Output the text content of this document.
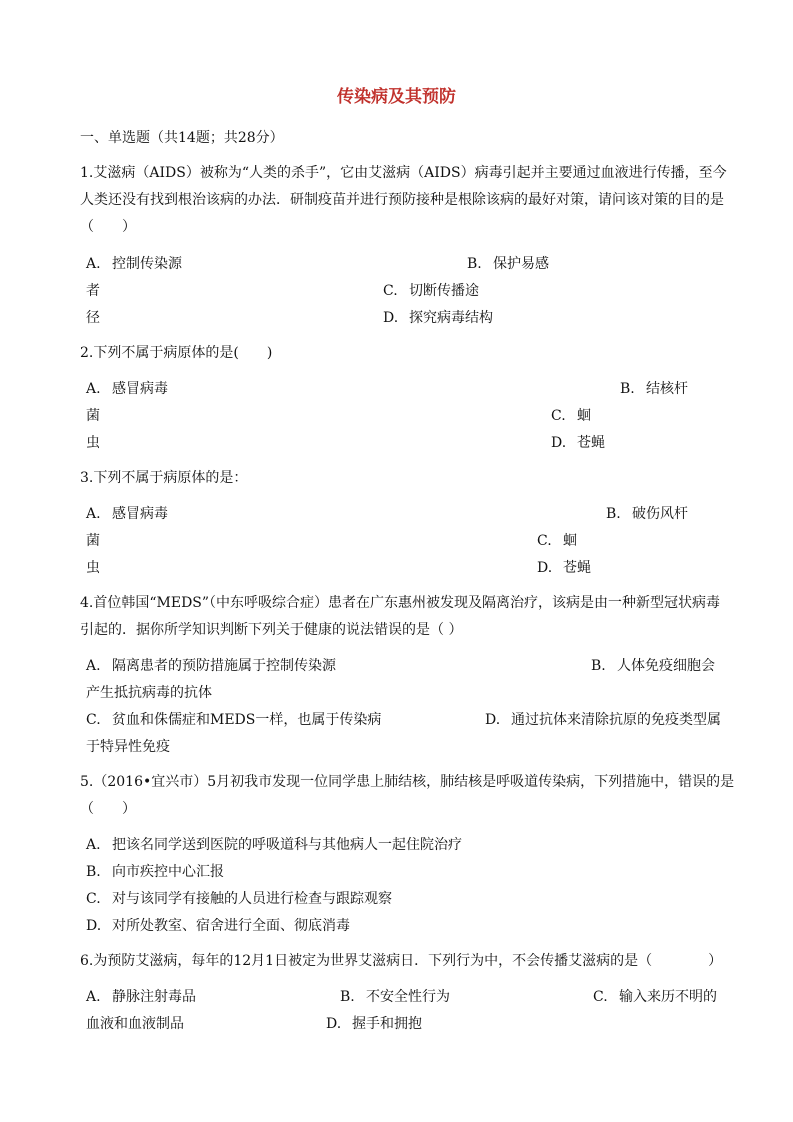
传染病及其预防
一、单选题（共14题；共28分）
1.艾滋病（AIDS）被称为“人类的杀手”，它由艾滋病（AIDS）病毒引起并主要通过血液进行传播，至今
人类还没有找到根治该病的办法．研制疫苗并进行预防接种是根除该病的最好对策，请问该对策的目的是
（　　）
A. 控制传染源	B. 保护易感
者	C. 切断传播途
径	D. 探究病毒结构
2.下列不属于病原体的是(　　)
A. 感冒病毒	B. 结核杆
菌	C. 蛔
虫	D. 苍蝇
3.下列不属于病原体的是：
A. 感冒病毒	B. 破伤风杆
菌	C. 蛔
虫	D. 苍蝇
4.首位韩国“MEDS”（中东呼吸综合症）患者在广东惠州被发现及隔离治疗，该病是由一种新型冠状病毒
引起的．据你所学知识判断下列关于健康的说法错误的是（ ）
A. 隔离患者的预防措施属于控制传染源	B. 人体免疫细胞会
产生抵抗病毒的抗体
C. 贫血和侏儒症和MEDS一样，也属于传染病	D. 通过抗体来清除抗原的免疫类型属
于特异性免疫
5.（2016•宜兴市）5月初我市发现一位同学患上肺结核，肺结核是呼吸道传染病，下列措施中，错误的是
（　　）
A. 把该名同学送到医院的呼吸道科与其他病人一起住院治疗
B. 向市疾控中心汇报
C. 对与该同学有接触的人员进行检查与跟踪观察
D. 对所处教室、宿舍进行全面、彻底消毒
6.为预防艾滋病，每年的12月1日被定为世界艾滋病日．下列行为中，不会传播艾滋病的是（　　　　）
A. 静脉注射毒品	B. 不安全性行为	C. 输入来历不明的
血液和血液制品	D. 握手和拥抱
